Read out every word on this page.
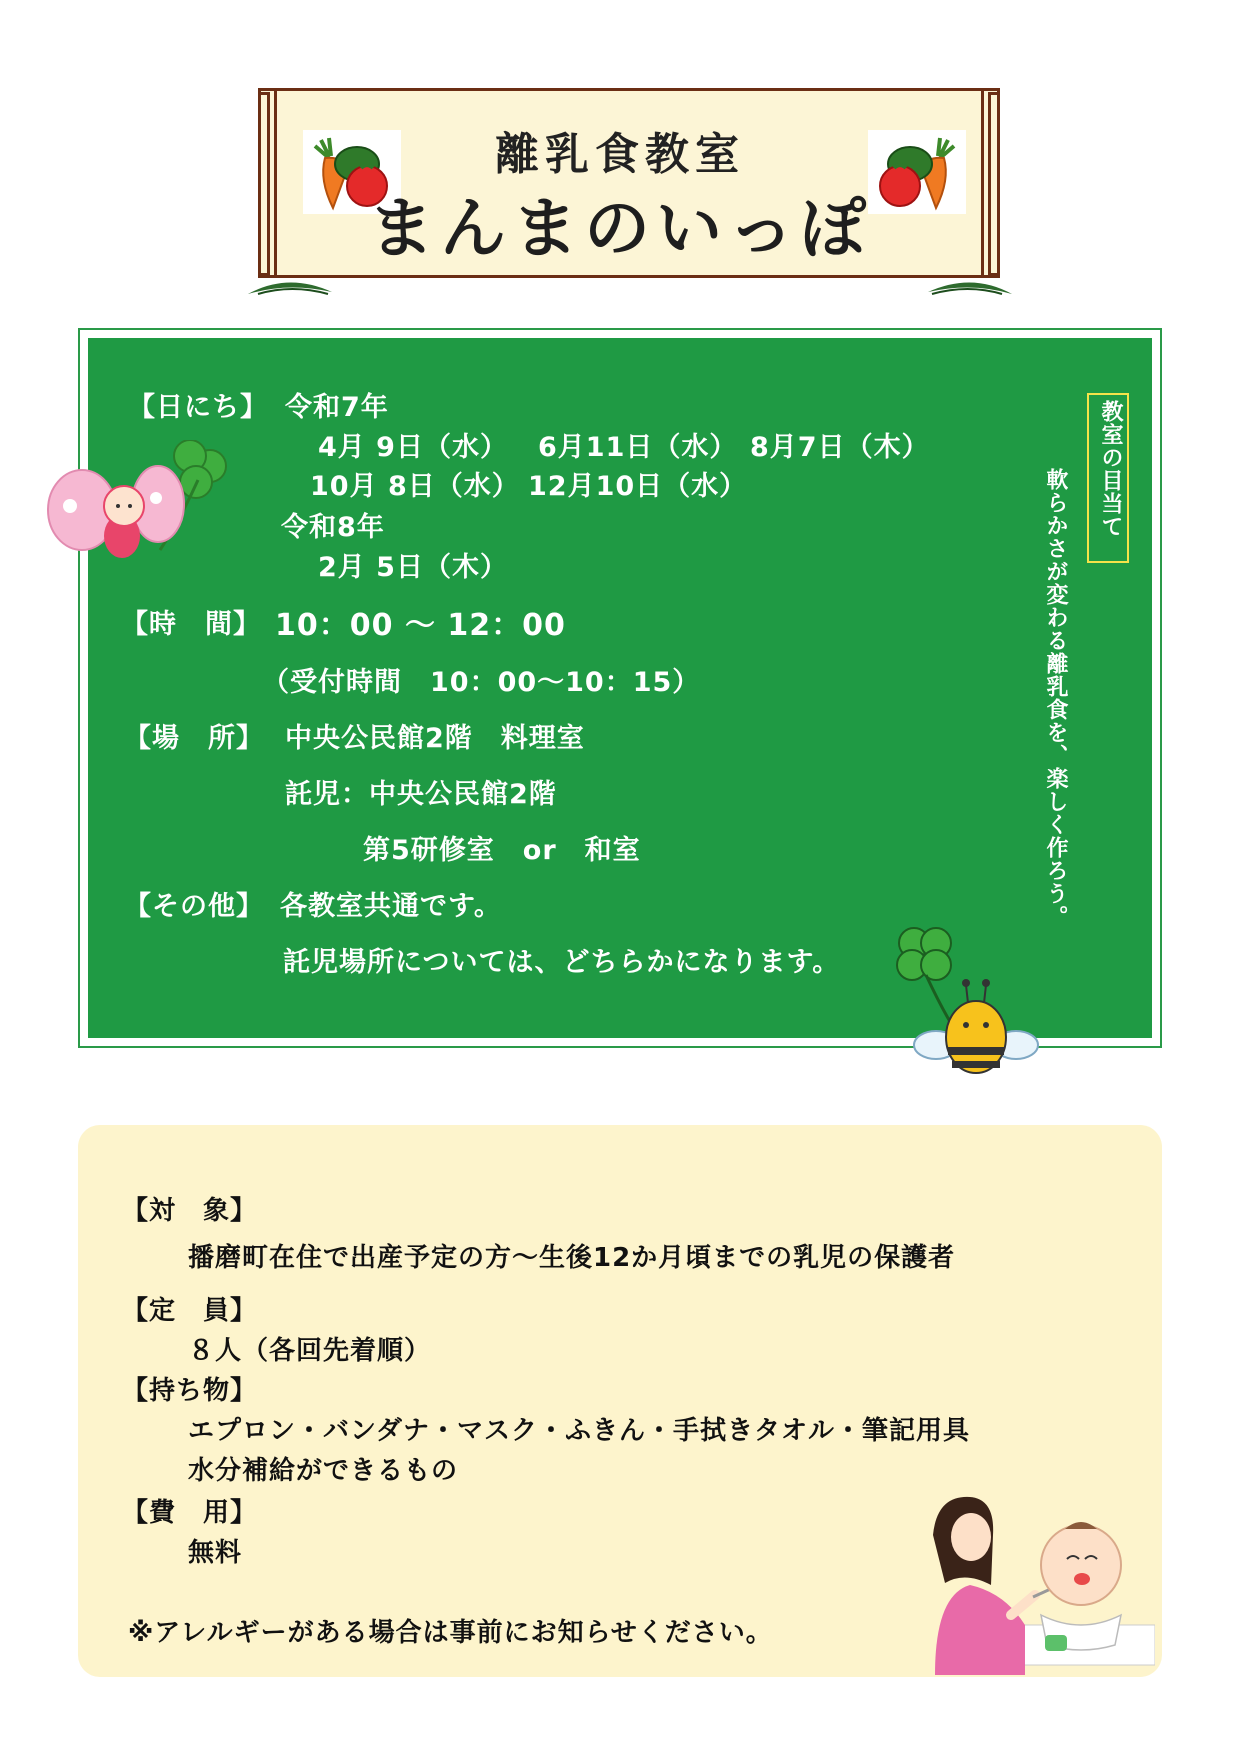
離乳食教室
まんまのいっぽ
【日にち】 令和7年
4月 9日（水） 6月11日（水） 8月7日（木）
10月 8日（水） 12月10日（水）
令和8年
2月 5日（木）
【時　間】 10：00 ～ 12：00
（受付時間　10：00～10：15）
【場　所】 中央公民館2階　料理室
託児：中央公民館2階
第5研修室　or　和室
【その他】 各教室共通です。
託児場所については、どちらかになります。
教室の目当て
軟らかさが変わる離乳食を、楽しく作ろう。
【対　象】
播磨町在住で出産予定の方～生後12か月頃までの乳児の保護者
【定　員】
８人（各回先着順）
【持ち物】
エプロン・バンダナ・マスク・ふきん・手拭きタオル・筆記用具
水分補給ができるもの
【費　用】
無料
※アレルギーがある場合は事前にお知らせください。
